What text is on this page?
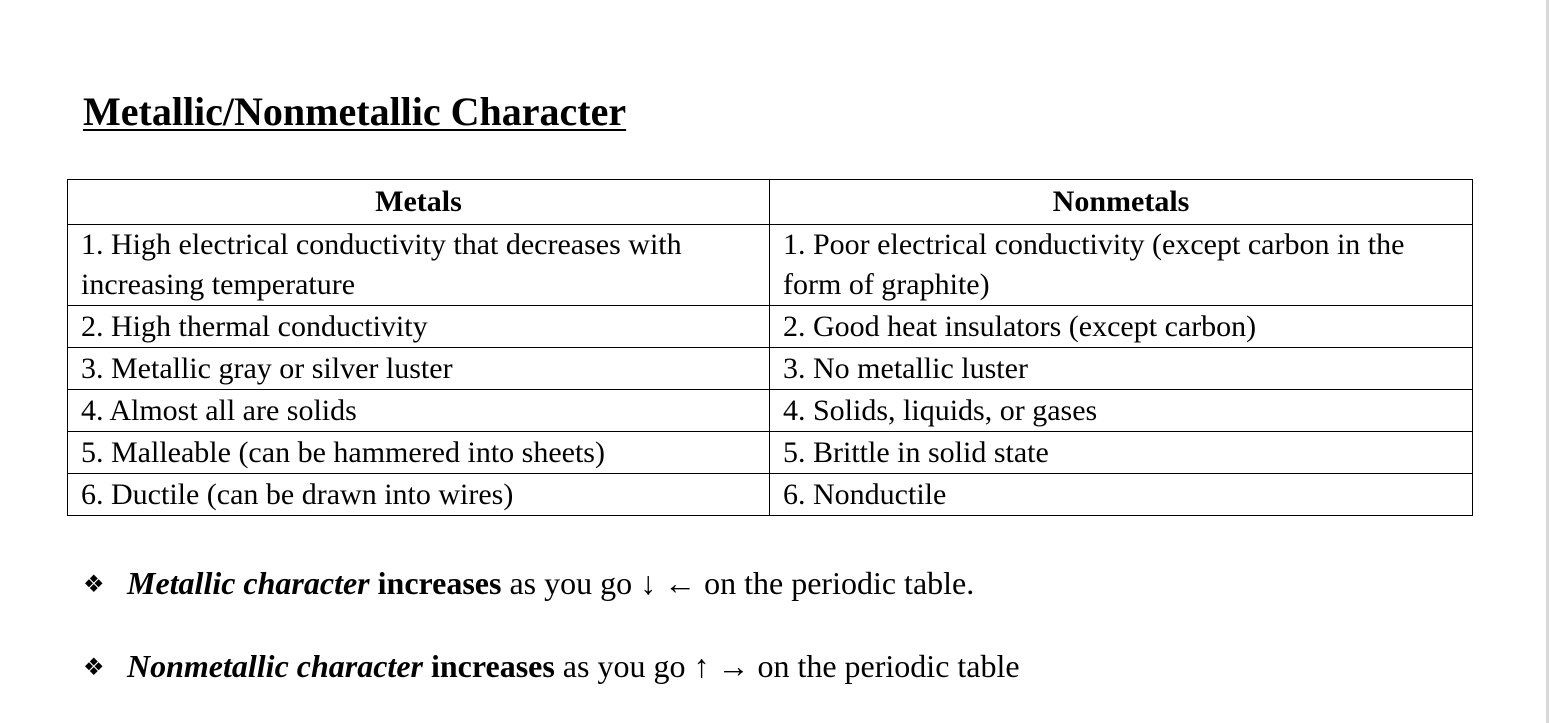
Metallic/Nonmetallic Character
Metals	Nonmetals
1. High electrical conductivity that decreases with increasing temperature	1. Poor electrical conductivity (except carbon in the form of graphite)
2. High thermal conductivity	2. Good heat insulators (except carbon)
3. Metallic gray or silver luster	3. No metallic luster
4. Almost all are solids	4. Solids, liquids, or gases
5. Malleable (can be hammered into sheets)	5. Brittle in solid state
6. Ductile (can be drawn into wires)	6. Nonductile

❖ Metallic character increases as you go ↓ ← on the periodic table.

❖ Nonmetallic character increases as you go ↑ → on the periodic table
